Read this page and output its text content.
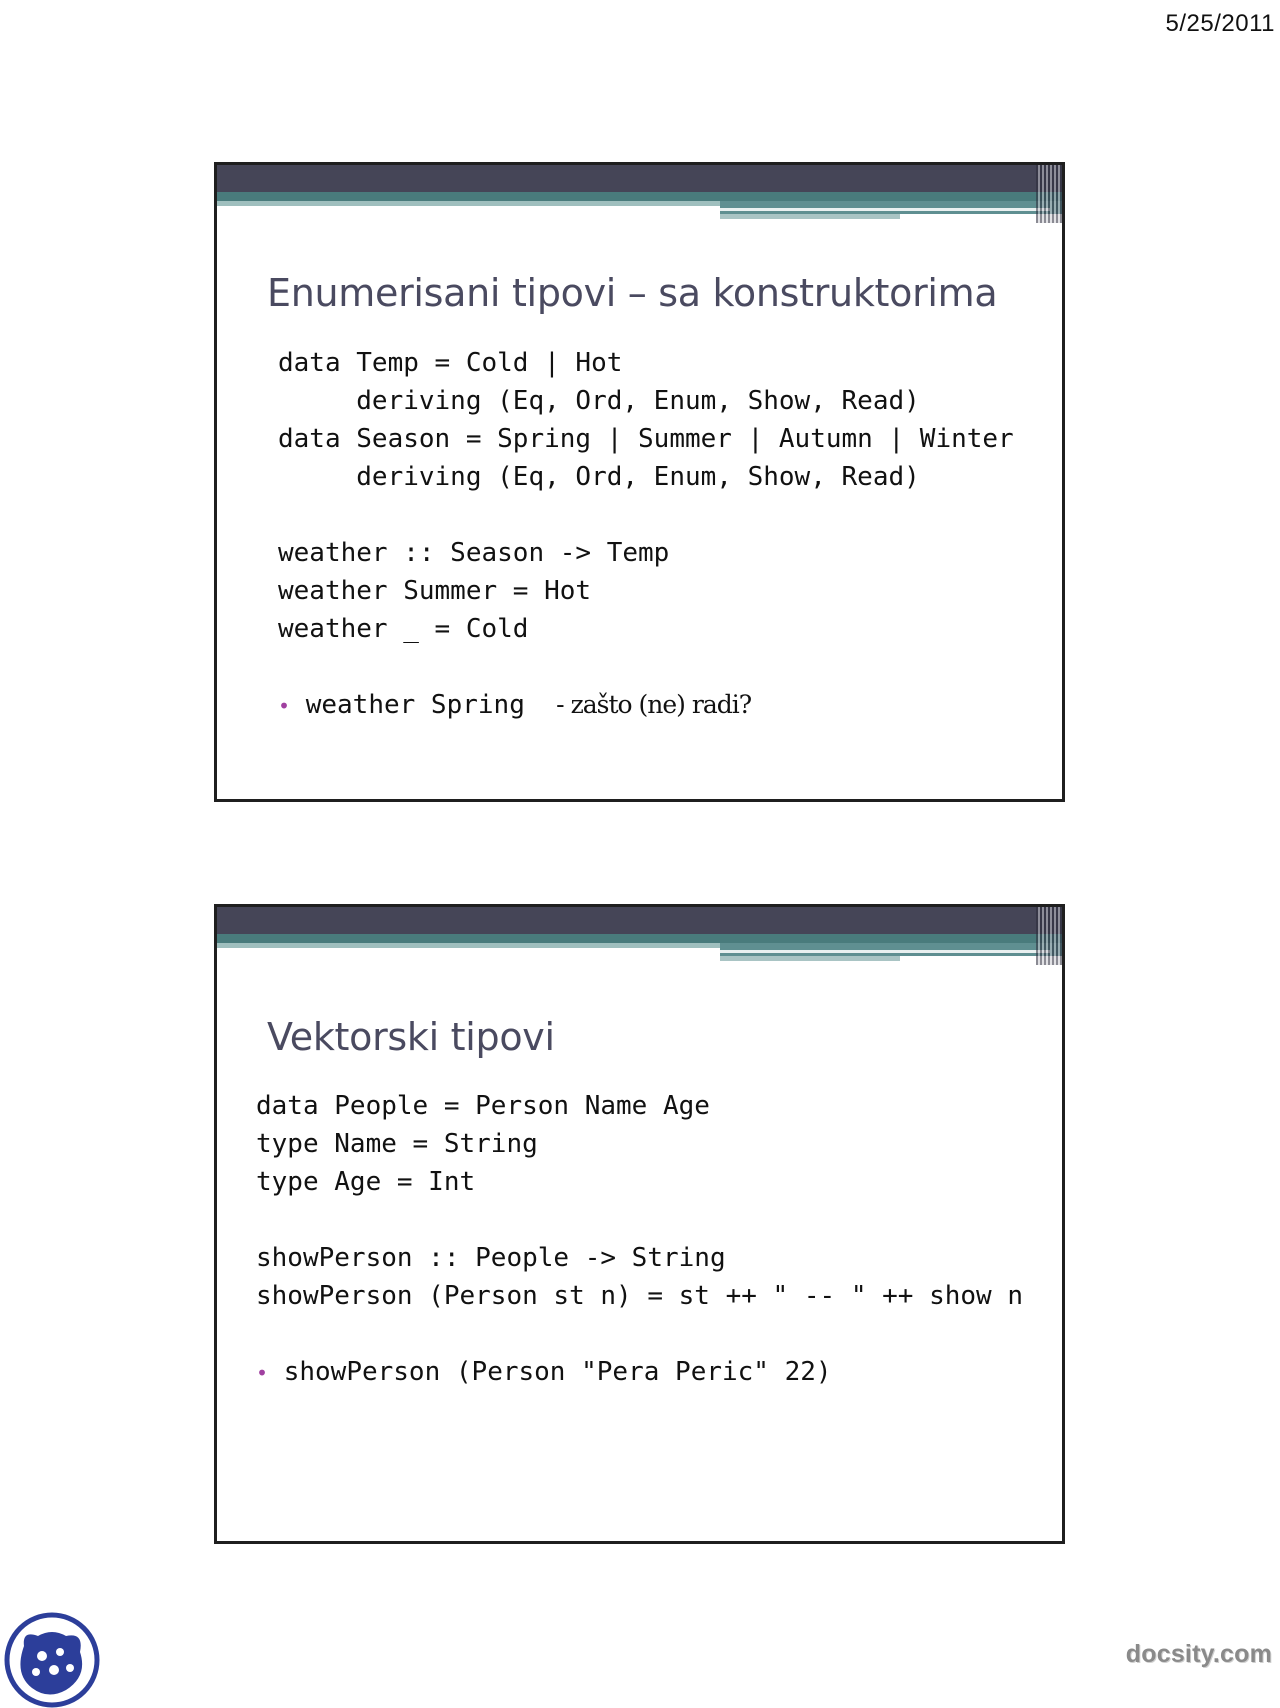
5/25/2011
Enumerisani tipovi – sa konstruktorima
data Temp = Cold | Hot
deriving (Eq, Ord, Enum, Show, Read)
data Season = Spring | Summer | Autumn | Winter
deriving (Eq, Ord, Enum, Show, Read)

weather :: Season -> Temp
weather Summer = Hot
weather _ = Cold
• weather Spring - zašto (ne) radi?
Vektorski tipovi
data People = Person Name Age
type Name = String
type Age = Int

showPerson :: People -> String
showPerson (Person st n) = st ++ " -- " ++ show n
• showPerson (Person "Pera Peric" 22)
docsity.com
